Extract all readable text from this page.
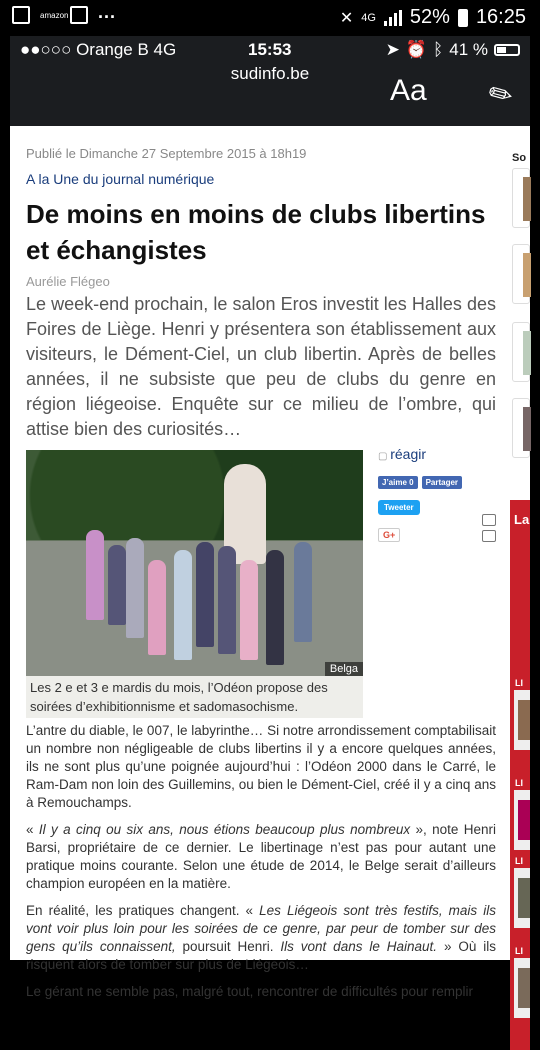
amazon ...	✕ 4G 52% 16:25
●●○○○ Orange B 4G	15:53	➤ ⏰ ᛒ 41 %
sudinfo.be
Aa ✎
Publié le Dimanche 27 Septembre 2015 à 18h19
A la Une du journal numérique
De moins en moins de clubs libertins et échangistes
Aurélie Flégeo
Le week-end prochain, le salon Eros investit les Halles des Foires de Liège. Henri y présentera son établissement aux visiteurs, le Dément-Ciel, un club libertin. Après de belles années, il ne subsiste que peu de clubs du genre en région liégeoise. Enquête sur ce milieu de l’ombre, qui attise bien des curiosités…
Belga
Les 2 e et 3 e mardis du mois, l’Odéon propose des soirées d’exhibitionnisme et sadomasochisme.
▢ réagir
J’aime 0	Partager
Tweeter
G+

L’antre du diable, le 007, le labyrinthe… Si notre arrondissement comptabilisait un nombre non négligeable de clubs libertins il y a encore quelques années, ils ne sont plus qu’une poignée aujourd’hui : l’Odéon 2000 dans le Carré, le Ram-Dam non loin des Guillemins, ou bien le Dément-Ciel, créé il y a cinq ans à Remouchamps.

« Il y a cinq ou six ans, nous étions beaucoup plus nombreux », note Henri Barsi, propriétaire de ce dernier. Le libertinage n’est pas pour autant une pratique moins courante. Selon une étude de 2014, le Belge serait d’ailleurs champion européen en la matière.

En réalité, les pratiques changent. « Les Liégeois sont très festifs, mais ils vont voir plus loin pour les soirées de ce genre, par peur de tomber sur des gens qu’ils connaissent, poursuit Henri. Ils vont dans le Hainaut. » Où ils risquent alors de tomber sur plus de Liégeois…

Le gérant ne semble pas, malgré tout, rencontrer de difficultés pour remplir

So
La
LI
LI
LI
LI
